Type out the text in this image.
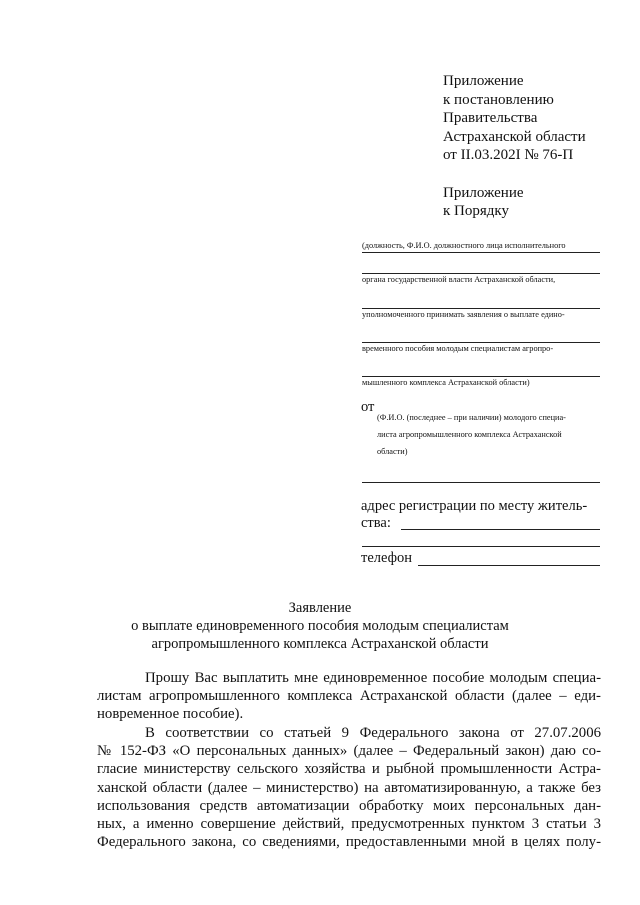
Приложение
к постановлению
Правительства
Астраханской области
от II.03.202I № 76-П
Приложение
к Порядку
(должность, Ф.И.О. должностного лица исполнительного
органа государственной власти Астраханской области,
уполномоченного принимать заявления о выплате едино-
временного пособия молодым специалистам агропро-
мышленного комплекса Астраханской области)
от
(Ф.И.О. (последнее – при наличии) молодого специа-
листа агропромышленного комплекса Астраханской
области)
адрес регистрации по месту житель-
ства:
телефон
Заявление
о выплате единовременного пособия молодым специалистам
агропромышленного комплекса Астраханской области
Прошу Вас выплатить мне единовременное пособие молодым специа-
листам агропромышленного комплекса Астраханской области (далее – еди-
новременное пособие).
В соответствии со статьей 9 Федерального закона от 27.07.2006
№ 152-ФЗ «О персональных данных» (далее – Федеральный закон) даю со-
гласие министерству сельского хозяйства и рыбной промышленности Астра-
ханской области (далее – министерство) на автоматизированную, а также без
использования средств автоматизации обработку моих персональных дан-
ных, а именно совершение действий, предусмотренных пунктом 3 статьи 3
Федерального закона, со сведениями, предоставленными мной в целях полу-
